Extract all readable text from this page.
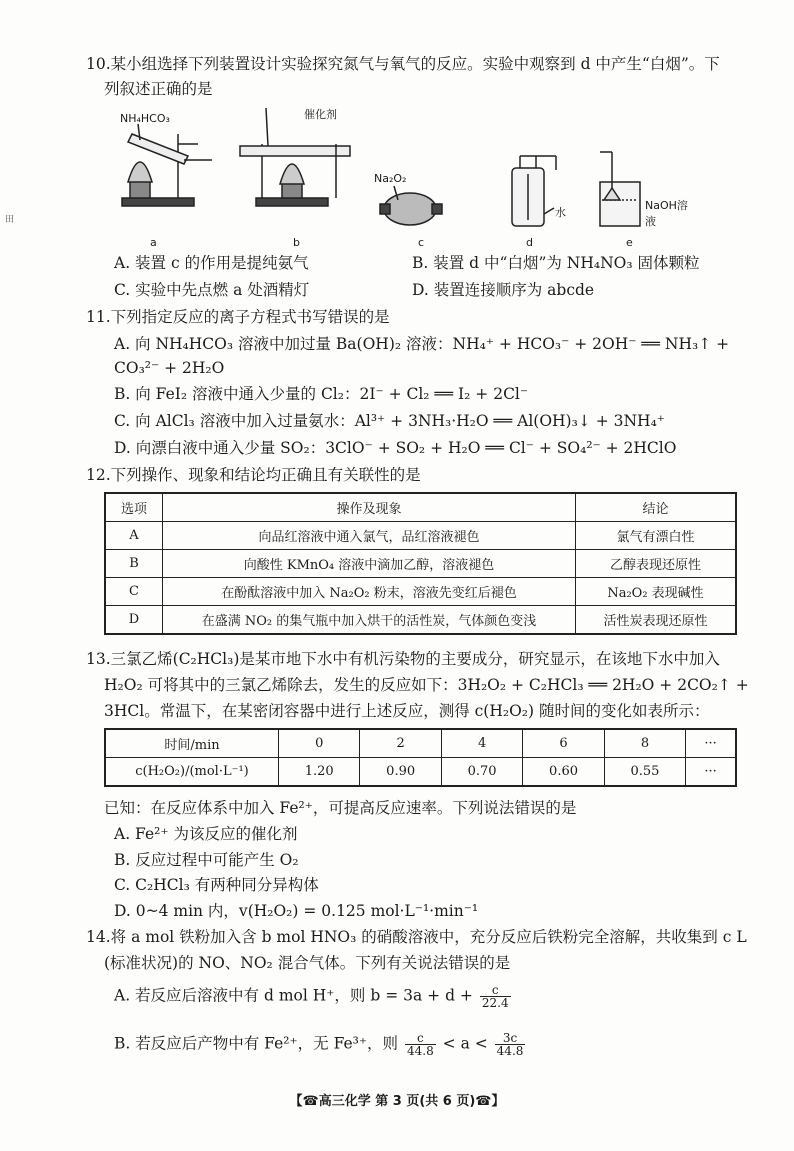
田
10.某小组选择下列装置设计实验探究氮气与氧气的反应。实验中观察到 d 中产生“白烟”。下
列叙述正确的是
NH₄HCO₃	催化剂
Na₂O₂
水
NaOH溶液
a	b	c	d	e
A. 装置 c 的作用是提纯氨气	B. 装置 d 中“白烟”为 NH₄NO₃ 固体颗粒
C. 实验中先点燃 a 处酒精灯	D. 装置连接顺序为 abcde
11.下列指定反应的离子方程式书写错误的是
A. 向 NH₄HCO₃ 溶液中加过量 Ba(OH)₂ 溶液：NH₄⁺ + HCO₃⁻ + 2OH⁻ ══ NH₃↑ +
CO₃²⁻ + 2H₂O
B. 向 FeI₂ 溶液中通入少量的 Cl₂：2I⁻ + Cl₂ ══ I₂ + 2Cl⁻
C. 向 AlCl₃ 溶液中加入过量氨水：Al³⁺ + 3NH₃·H₂O ══ Al(OH)₃↓ + 3NH₄⁺
D. 向漂白液中通入少量 SO₂：3ClO⁻ + SO₂ + H₂O ══ Cl⁻ + SO₄²⁻ + 2HClO
12.下列操作、现象和结论均正确且有关联性的是
选项	操作及现象	结论
A	向品红溶液中通入氯气，品红溶液褪色	氯气有漂白性
B	向酸性 KMnO₄ 溶液中滴加乙醇，溶液褪色	乙醇表现还原性
C	在酚酞溶液中加入 Na₂O₂ 粉末，溶液先变红后褪色	Na₂O₂ 表现碱性
D	在盛满 NO₂ 的集气瓶中加入烘干的活性炭，气体颜色变浅	活性炭表现还原性
13.三氯乙烯(C₂HCl₃)是某市地下水中有机污染物的主要成分，研究显示，在该地下水中加入
H₂O₂ 可将其中的三氯乙烯除去，发生的反应如下：3H₂O₂ + C₂HCl₃ ══ 2H₂O + 2CO₂↑ +
3HCl。常温下，在某密闭容器中进行上述反应，测得 c(H₂O₂) 随时间的变化如表所示：
时间/min	0	2	4	6	8	···
c(H₂O₂)/(mol·L⁻¹)	1.20	0.90	0.70	0.60	0.55	···
已知：在反应体系中加入 Fe²⁺，可提高反应速率。下列说法错误的是
A. Fe²⁺ 为该反应的催化剂
B. 反应过程中可能产生 O₂
C. C₂HCl₃ 有两种同分异构体
D. 0~4 min 内，v(H₂O₂) = 0.125 mol·L⁻¹·min⁻¹
14.将 a mol 铁粉加入含 b mol HNO₃ 的硝酸溶液中，充分反应后铁粉完全溶解，共收集到 c L
(标准状况)的 NO、NO₂ 混合气体。下列有关说法错误的是
A. 若反应后溶液中有 d mol H⁺，则 $b = 3a + d + \frac{c}{22.4}$
B. 若反应后产物中有 Fe²⁺，无 Fe³⁺，则 $\frac{c}{44.8} < a < \frac{3c}{44.8}$
【☎高三化学 第 3 页(共 6 页)☎】
